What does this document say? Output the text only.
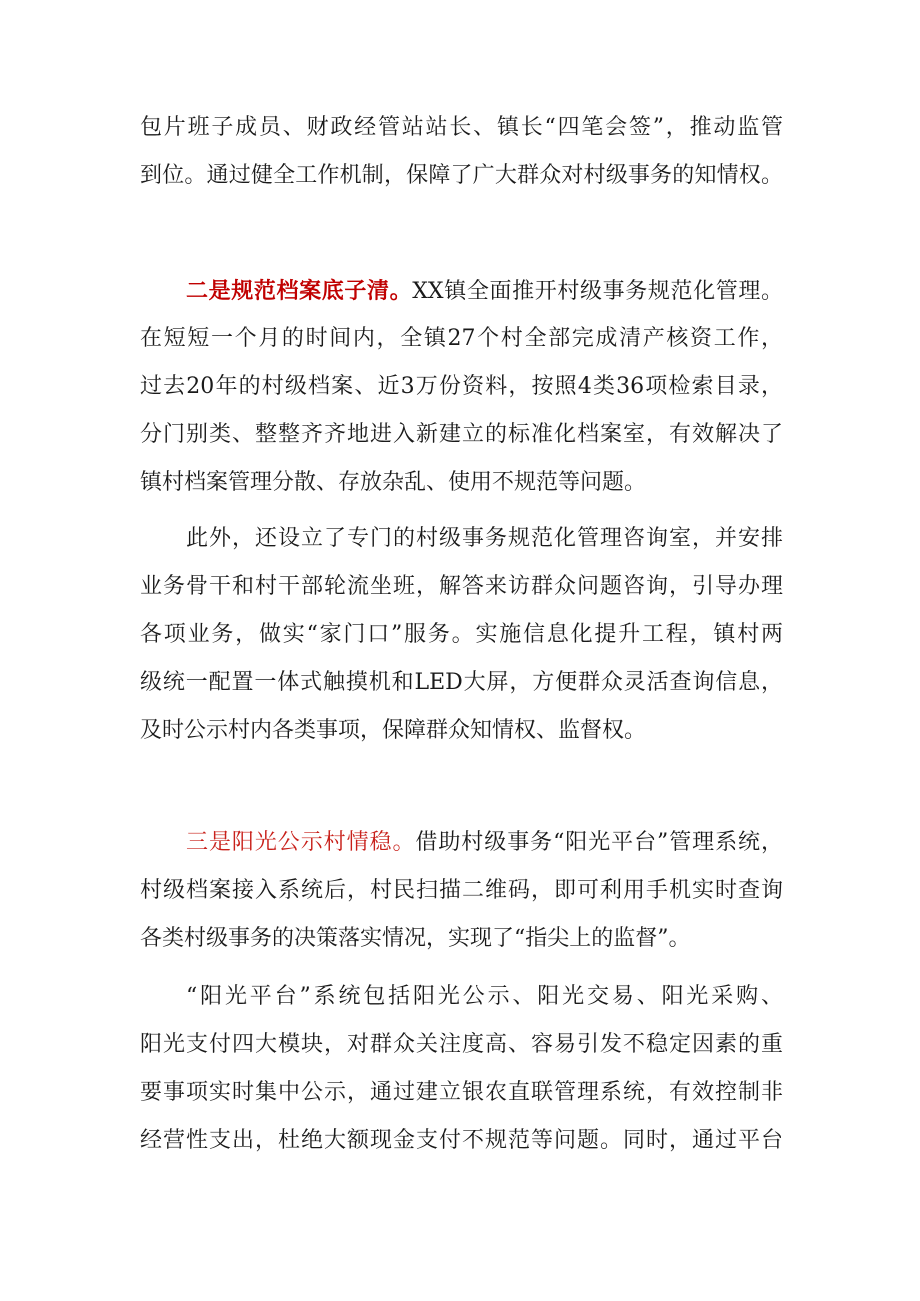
包片班子成员、财政经管站站长、镇长“四笔会签”，推动监管
到位。通过健全工作机制，保障了广大群众对村级事务的知情权。
二是规范档案底子清。XX镇全面推开村级事务规范化管理。
在短短一个月的时间内，全镇27个村全部完成清产核资工作，
过去20年的村级档案、近3万份资料，按照4类36项检索目录，
分门别类、整整齐齐地进入新建立的标准化档案室，有效解决了
镇村档案管理分散、存放杂乱、使用不规范等问题。
此外，还设立了专门的村级事务规范化管理咨询室，并安排
业务骨干和村干部轮流坐班，解答来访群众问题咨询，引导办理
各项业务，做实“家门口”服务。实施信息化提升工程，镇村两
级统一配置一体式触摸机和LED大屏，方便群众灵活查询信息，
及时公示村内各类事项，保障群众知情权、监督权。
三是阳光公示村情稳。借助村级事务“阳光平台”管理系统，
村级档案接入系统后，村民扫描二维码，即可利用手机实时查询
各类村级事务的决策落实情况，实现了“指尖上的监督”。
“阳光平台”系统包括阳光公示、阳光交易、阳光采购、
阳光支付四大模块，对群众关注度高、容易引发不稳定因素的重
要事项实时集中公示，通过建立银农直联管理系统，有效控制非
经营性支出，杜绝大额现金支付不规范等问题。同时，通过平台
